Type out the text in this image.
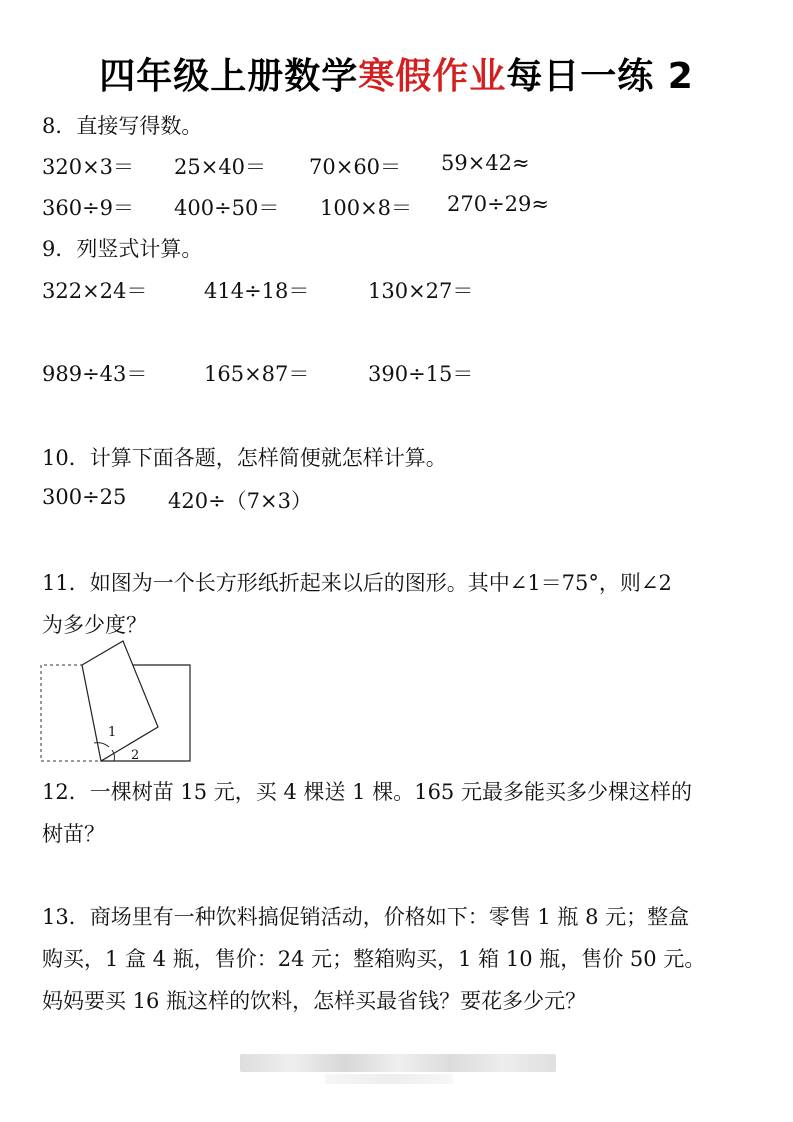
四年级上册数学寒假作业每日一练 2
8．直接写得数。
320×3＝ 25×40＝ 70×60＝ 59×42≈
360÷9＝ 400÷50＝ 100×8＝ 270÷29≈
9．列竖式计算。
322×24＝	414÷18＝	130×27＝
989÷43＝	165×87＝	390÷15＝
10．计算下面各题，怎样简便就怎样计算。
300÷25 420÷（7×3）
11．如图为一个长方形纸折起来以后的图形。其中∠1＝75°，则∠2
为多少度？
1
2
12．一棵树苗 15 元，买 4 棵送 1 棵。165 元最多能买多少棵这样的
树苗？
13．商场里有一种饮料搞促销活动，价格如下：零售 1 瓶 8 元；整盒
购买，1 盒 4 瓶，售价：24 元；整箱购买，1 箱 10 瓶，售价 50 元。
妈妈要买 16 瓶这样的饮料，怎样买最省钱？要花多少元？
